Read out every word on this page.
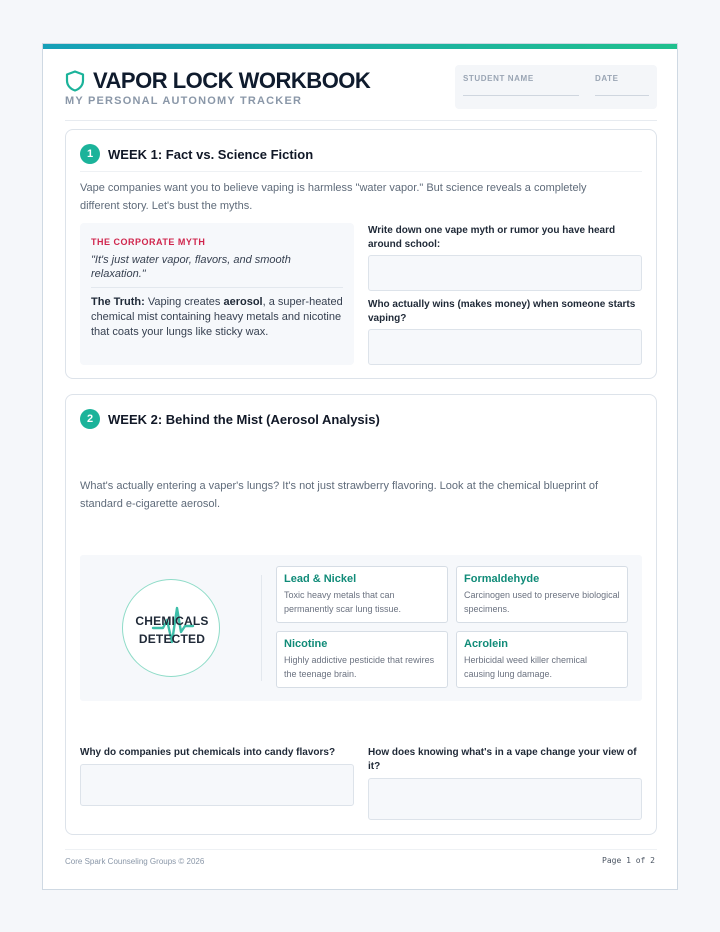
VAPOR LOCK WORKBOOK
MY PERSONAL AUTONOMY TRACKER
STUDENT NAME	DATE
1	WEEK 1: Fact vs. Science Fiction

Vape companies want you to believe vaping is harmless "water vapor." But science reveals a completely different story. Let's bust the myths.

THE CORPORATE MYTH
"It's just water vapor, flavors, and smooth relaxation."
The Truth: Vaping creates aerosol, a super-heated chemical mist containing heavy metals and nicotine that coats your lungs like sticky wax.
Write down one vape myth or rumor you have heard around school:
Who actually wins (makes money) when someone starts vaping?
2	WEEK 2: Behind the Mist (Aerosol Analysis)

What's actually entering a vaper's lungs? It's not just strawberry flavoring. Look at the chemical blueprint of standard e-cigarette aerosol.

CHEMICALS
DETECTED
Lead & Nickel
Toxic heavy metals that can permanently scar lung tissue.
Formaldehyde
Carcinogen used to preserve biological specimens.
Nicotine
Highly addictive pesticide that rewires the teenage brain.
Acrolein
Herbicidal weed killer chemical causing lung damage.
Why do companies put chemicals into candy flavors?	How does knowing what's in a vape change your view of it?
Core Spark Counseling Groups © 2026	Page 1 of 2
